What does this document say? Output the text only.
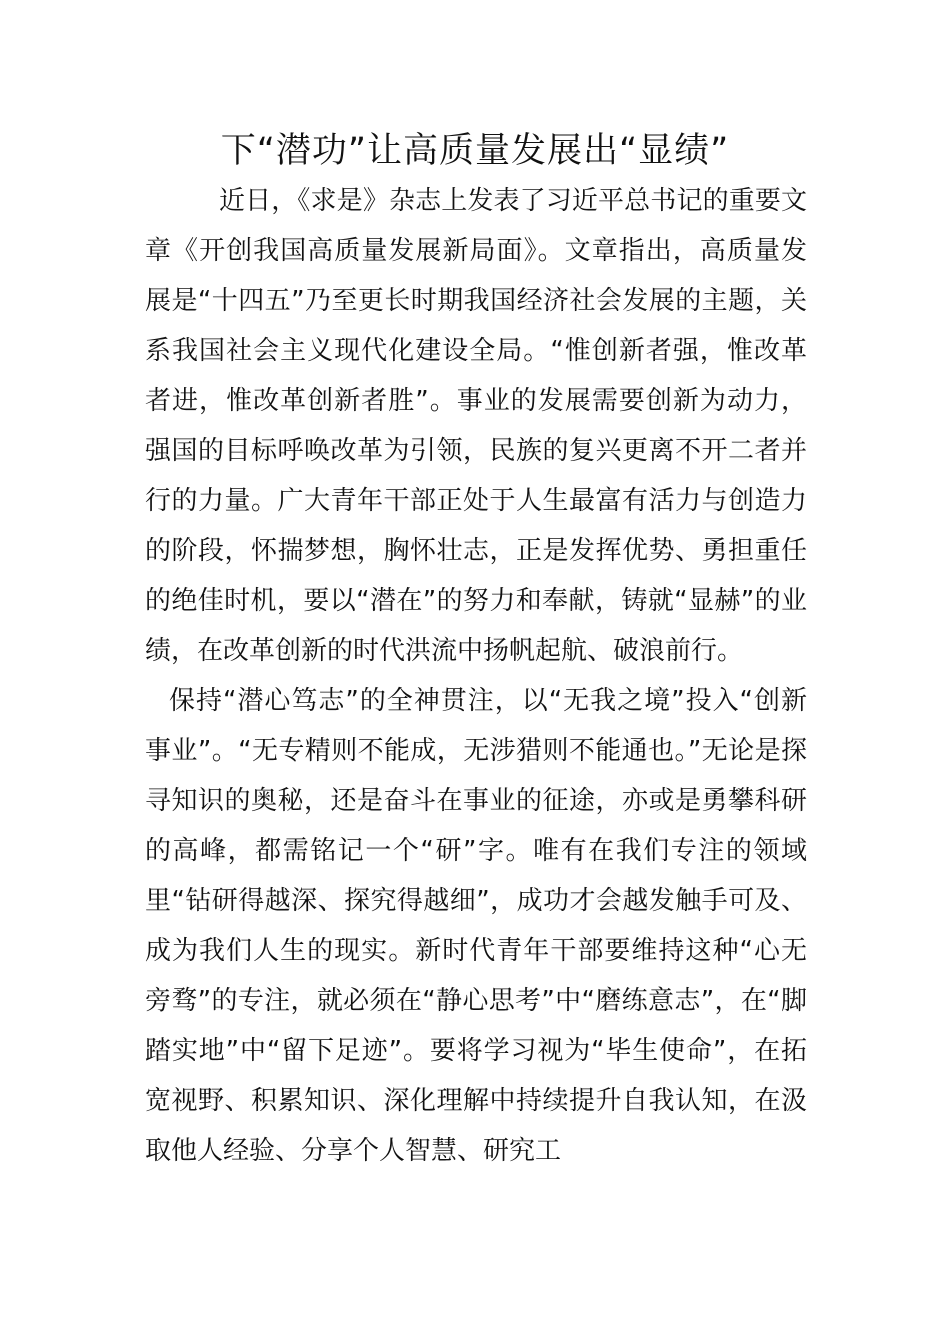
下“潜功”让高质量发展出“显绩”

近日，《求是》杂志上发表了习近平总书记的重要文章《开创我国高质量发展新局面》。文章指出，高质量发展是“十四五”乃至更长时期我国经济社会发展的主题，关系我国社会主义现代化建设全局。“惟创新者强，惟改革者进，惟改革创新者胜”。事业的发展需要创新为动力，强国的目标呼唤改革为引领，民族的复兴更离不开二者并行的力量。广大青年干部正处于人生最富有活力与创造力的阶段，怀揣梦想，胸怀壮志，正是发挥优势、勇担重任的绝佳时机，要以“潜在”的努力和奉献，铸就“显赫”的业绩，在改革创新的时代洪流中扬帆起航、破浪前行。

保持“潜心笃志”的全神贯注，以“无我之境”投入“创新事业”。“无专精则不能成，无涉猎则不能通也。”无论是探寻知识的奥秘，还是奋斗在事业的征途，亦或是勇攀科研的高峰，都需铭记一个“研”字。唯有在我们专注的领域里“钻研得越深、探究得越细”，成功才会越发触手可及、成为我们人生的现实。新时代青年干部要维持这种“心无旁骛”的专注，就必须在“静心思考”中“磨练意志”，在“脚踏实地”中“留下足迹”。要将学习视为“毕生使命”，在拓宽视野、积累知识、深化理解中持续提升自我认知，在汲取他人经验、分享个人智慧、研究工
